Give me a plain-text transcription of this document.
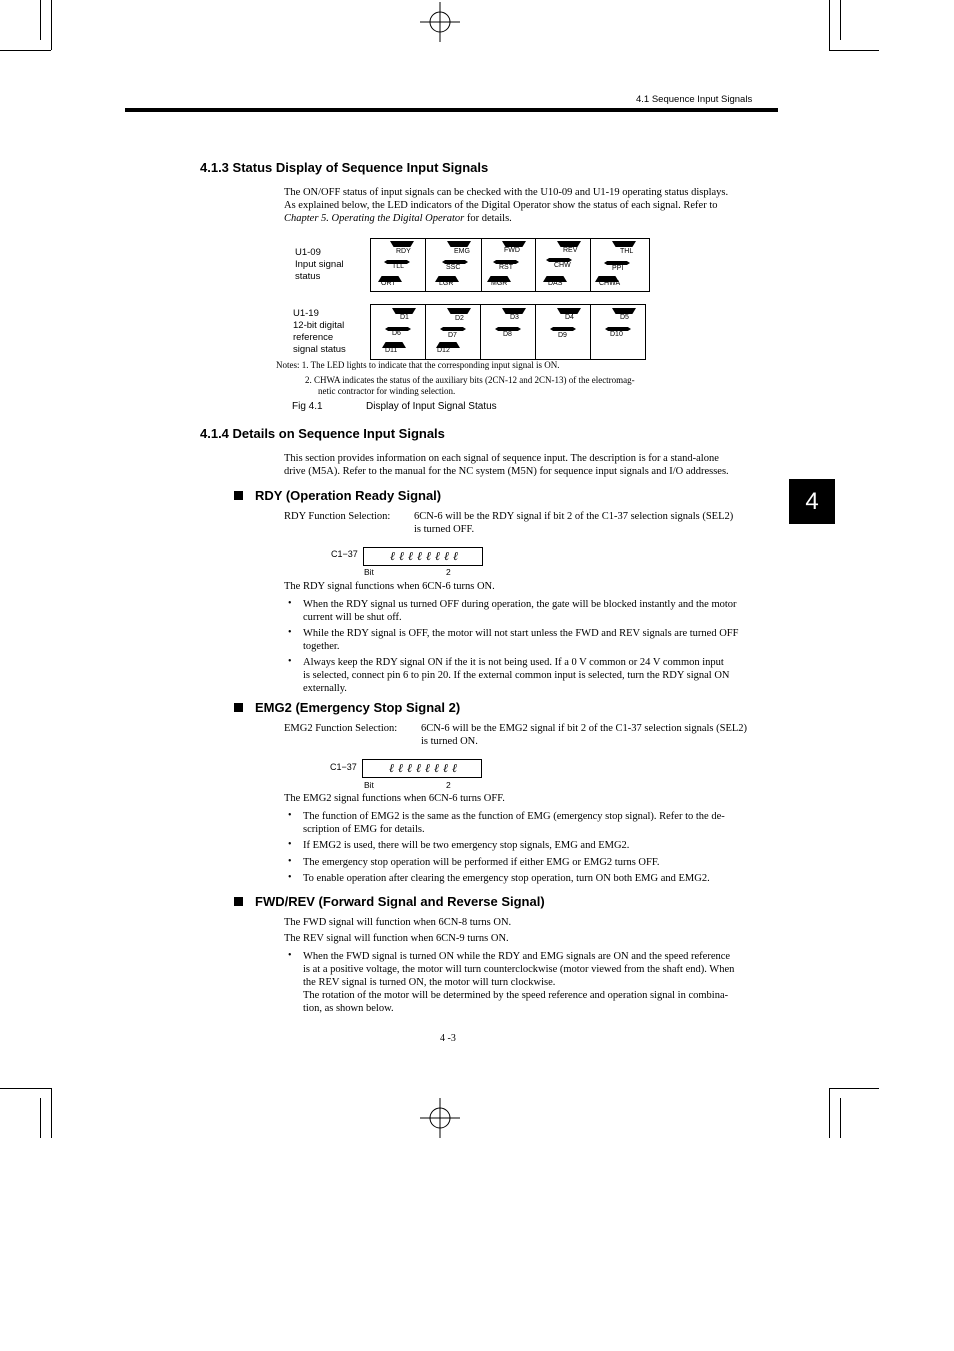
4.1 Sequence Input Signals
4
4.1.3 Status Display of Sequence Input Signals
The ON/OFF status of input signals can be checked with the U10-09 and U1-19 operating status displays.
As explained below, the LED indicators of the Digital Operator show the status of each signal. Refer to
Chapter 5. Operating the Digital Operator for details.
U1-09
Input signal
status
RDY	EMG	FWD	REV	THL
TLL	SSC	RST	CHW	PPI
ORT	LGR	MGR	DAS	CHWA
U1-19
12-bit digital
reference
signal status
D1	D2	D3	D4	D5
D6	D7	D8	D9	D10
D11	D12
Notes: 1. The LED lights to indicate that the corresponding input signal is ON.
2. CHWA indicates the status of the auxiliary bits (2CN-12 and 2CN-13) of the electromag-
netic contractor for winding selection.
Fig 4.1	Display of Input Signal Status
4.1.4 Details on Sequence Input Signals
This section provides information on each signal of sequence input. The description is for a stand-alone
drive (M5A). Refer to the manual for the NC system (M5N) for sequence input signals and I/O addresses.
RDY (Operation Ready Signal)
RDY Function Selection: 6CN-6 will be the RDY signal if bit 2 of the C1-37 selection signals (SEL2)
is turned OFF.
C1−37	ℓℓℓℓℓℓℓℓ
Bit	2
The RDY signal functions when 6CN-6 turns ON.
• When the RDY signal us turned OFF during operation, the gate will be blocked instantly and the motor
current will be shut off.
• While the RDY signal is OFF, the motor will not start unless the FWD and REV signals are turned OFF
together.
• Always keep the RDY signal ON if the it is not being used. If a 0 V common or 24 V common input
is selected, connect pin 6 to pin 20. If the external common input is selected, turn the RDY signal ON
externally.
EMG2 (Emergency Stop Signal 2)
EMG2 Function Selection: 6CN-6 will be the EMG2 signal if bit 2 of the C1-37 selection signals (SEL2)
is turned ON.
C1−37	ℓℓℓℓℓℓℓℓ
Bit	2
The EMG2 signal functions when 6CN-6 turns OFF.
• The function of EMG2 is the same as the function of EMG (emergency stop signal). Refer to the de-
scription of EMG for details.
• If EMG2 is used, there will be two emergency stop signals, EMG and EMG2.
• The emergency stop operation will be performed if either EMG or EMG2 turns OFF.
• To enable operation after clearing the emergency stop operation, turn ON both EMG and EMG2.
FWD/REV (Forward Signal and Reverse Signal)
The FWD signal will function when 6CN-8 turns ON.
The REV signal will function when 6CN-9 turns ON.
• When the FWD signal is turned ON while the RDY and EMG signals are ON and the speed reference
is at a positive voltage, the motor will turn counterclockwise (motor viewed from the shaft end). When
the REV signal is turned ON, the motor will turn clockwise.
The rotation of the motor will be determined by the speed reference and operation signal in combina-
tion, as shown below.
4 -3
